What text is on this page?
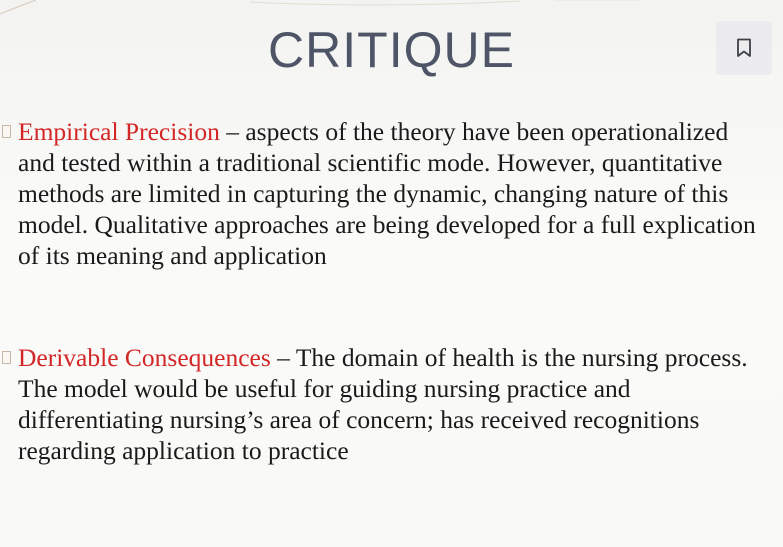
CRITIQUE
Empirical Precision – aspects of the theory have been operationalized and tested within a traditional scientific mode. However, quantitative methods are limited in capturing the dynamic, changing nature of this model. Qualitative approaches are being developed for a full explication of its meaning and application
Derivable Consequences – The domain of health is the nursing process. The model would be useful for guiding nursing practice and differentiating nursing’s area of concern; has received recognitions regarding application to practice
